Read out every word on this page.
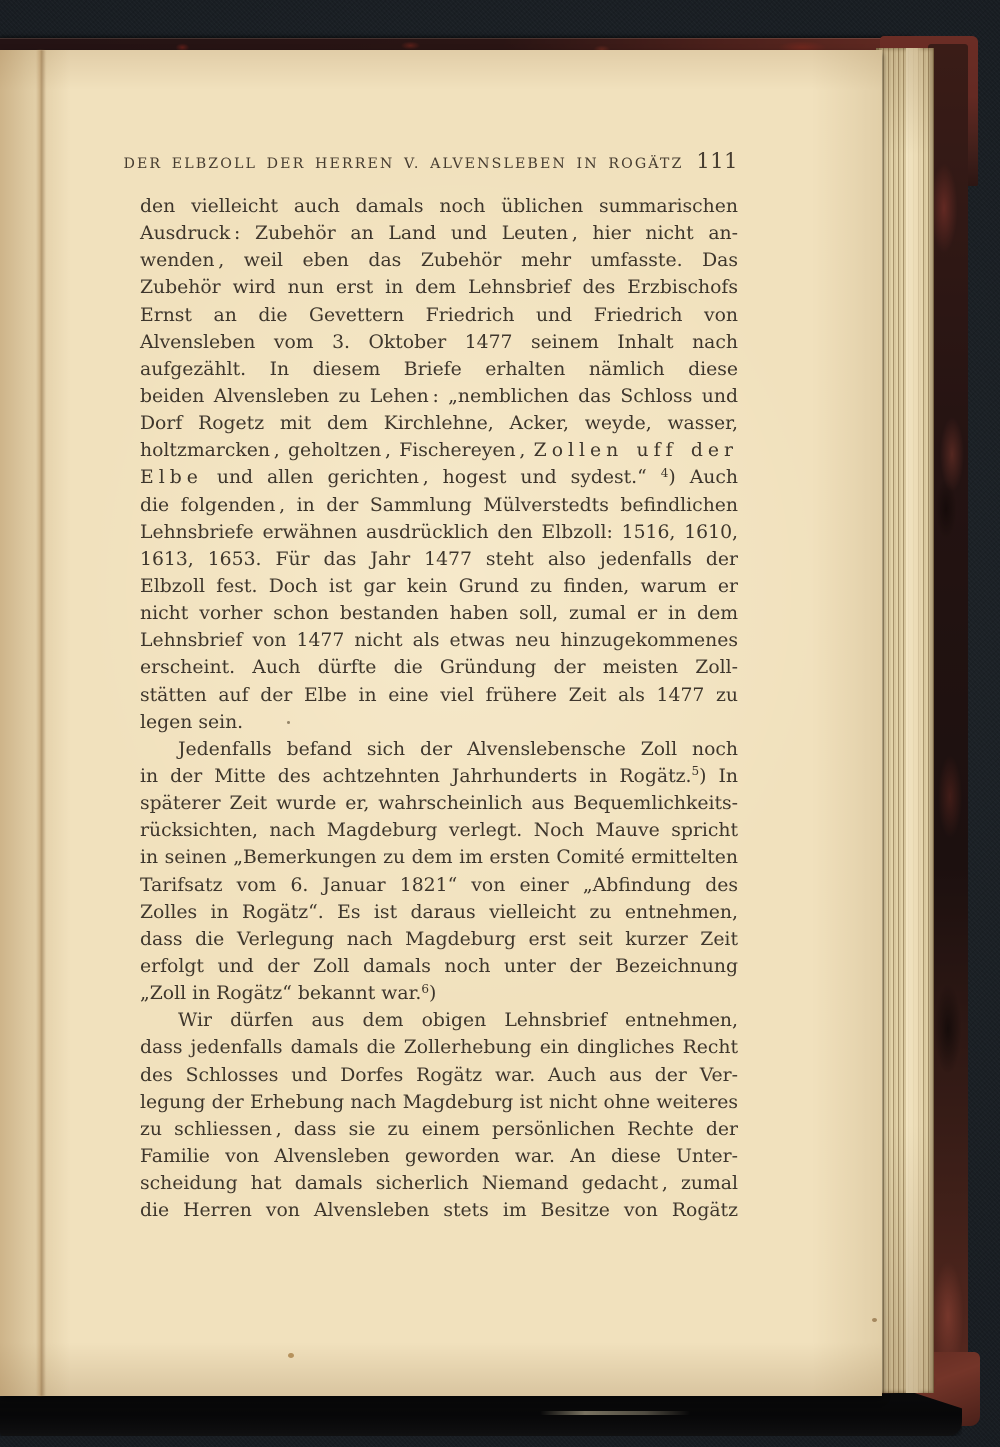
DER ELBZOLL DER HERREN V. ALVENSLEBEN IN ROGÄTZ 111
den vielleicht auch damals noch üblichen summarischen
Ausdruck : Zubehör an Land und Leuten , hier nicht an-
wenden , weil eben das Zubehör mehr umfasste. Das
Zubehör wird nun erst in dem Lehnsbrief des Erzbischofs
Ernst an die Gevettern Friedrich und Friedrich von
Alvensleben vom 3. Oktober 1477 seinem Inhalt nach
aufgezählt. In diesem Briefe erhalten nämlich diese
beiden Alvensleben zu Lehen : „nemblichen das Schloss und
Dorf Rogetz mit dem Kirchlehne, Acker, weyde, wasser,
holtzmarcken , geholtzen , Fischereyen , Zollen uff der
Elbe und allen gerichten , hogest und sydest.“ $^4$) Auch
die folgenden , in der Sammlung Mülverstedts befindlichen
Lehnsbriefe erwähnen ausdrücklich den Elbzoll: 1516, 1610,
1613, 1653. Für das Jahr 1477 steht also jedenfalls der
Elbzoll fest. Doch ist gar kein Grund zu finden, warum er
nicht vorher schon bestanden haben soll, zumal er in dem
Lehnsbrief von 1477 nicht als etwas neu hinzugekommenes
erscheint. Auch dürfte die Gründung der meisten Zoll-
stätten auf der Elbe in eine viel frühere Zeit als 1477 zu
legen sein.
Jedenfalls befand sich der Alvenslebensche Zoll noch
in der Mitte des achtzehnten Jahrhunderts in Rogätz.$^5$) In
späterer Zeit wurde er, wahrscheinlich aus Bequemlichkeits-
rücksichten, nach Magdeburg verlegt. Noch Mauve spricht
in seinen „Bemerkungen zu dem im ersten Comité ermittelten
Tarifsatz vom 6. Januar 1821“ von einer „Abfindung des
Zolles in Rogätz“. Es ist daraus vielleicht zu entnehmen,
dass die Verlegung nach Magdeburg erst seit kurzer Zeit
erfolgt und der Zoll damals noch unter der Bezeichnung
„Zoll in Rogätz“ bekannt war.$^6$)
Wir dürfen aus dem obigen Lehnsbrief entnehmen,
dass jedenfalls damals die Zollerhebung ein dingliches Recht
des Schlosses und Dorfes Rogätz war. Auch aus der Ver-
legung der Erhebung nach Magdeburg ist nicht ohne weiteres
zu schliessen , dass sie zu einem persönlichen Rechte der
Familie von Alvensleben geworden war. An diese Unter-
scheidung hat damals sicherlich Niemand gedacht , zumal
die Herren von Alvensleben stets im Besitze von Rogätz
